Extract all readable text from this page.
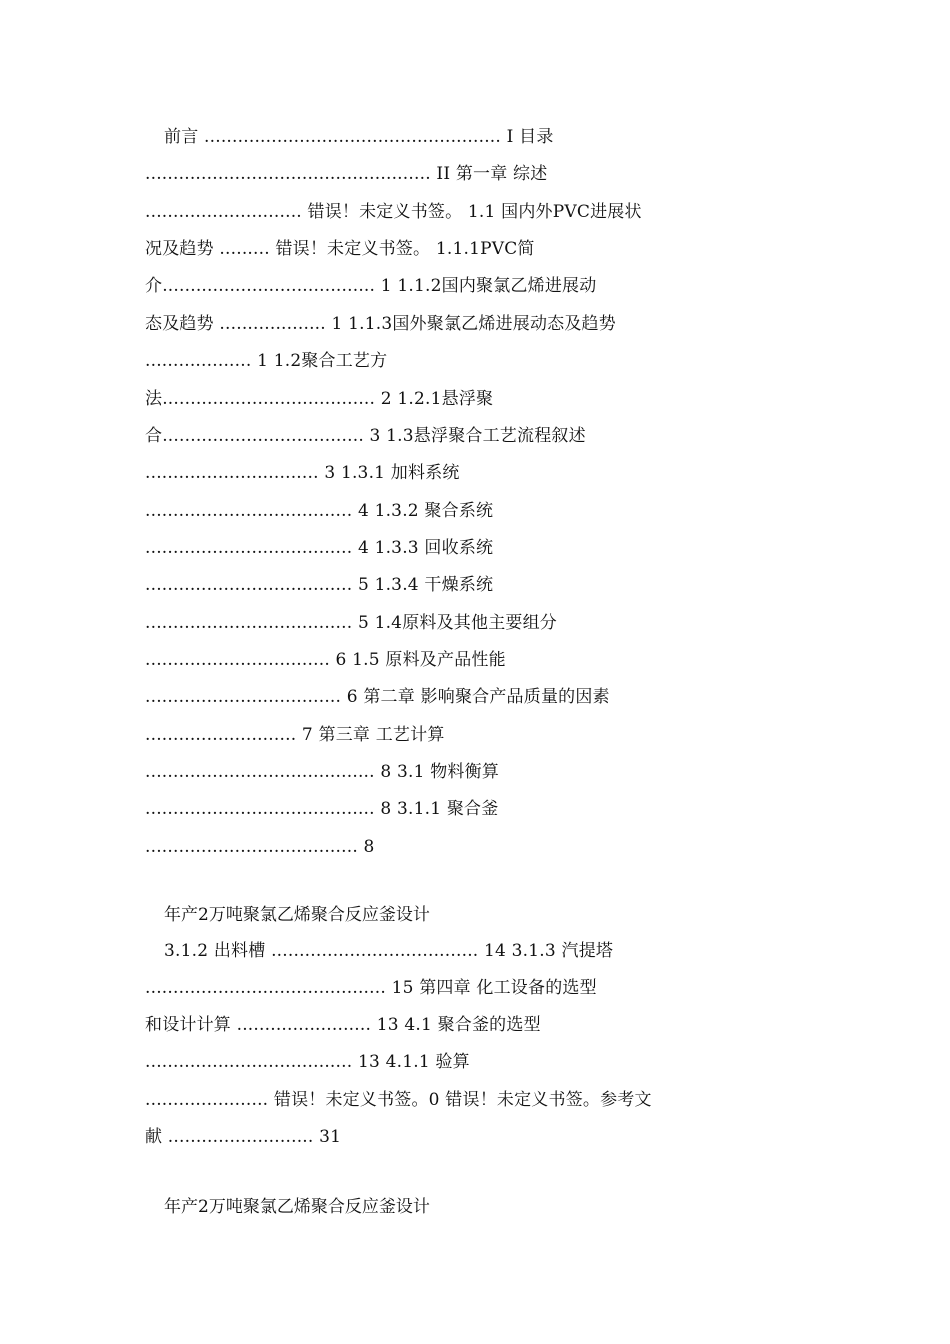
前言 ..................................................... I 目录
................................................... II 第一章 综述
............................ 错误！未定义书签。 1.1 国内外PVC进展状
况及趋势 ......... 错误！未定义书签。 1.1.1PVC简
介...................................... 1 1.1.2国内聚氯乙烯进展动
态及趋势 ................... 1 1.1.3国外聚氯乙烯进展动态及趋势
................... 1 1.2聚合工艺方
法...................................... 2 1.2.1悬浮聚
合.................................... 3 1.3悬浮聚合工艺流程叙述
............................... 3 1.3.1 加料系统
..................................... 4 1.3.2 聚合系统
..................................... 4 1.3.3 回收系统
..................................... 5 1.3.4 干燥系统
..................................... 5 1.4原料及其他主要组分
................................. 6 1.5 原料及产品性能
................................... 6 第二章 影响聚合产品质量的因素
........................... 7 第三章 工艺计算
......................................... 8 3.1 物料衡算
......................................... 8 3.1.1 聚合釜
...................................... 8
年产2万吨聚氯乙烯聚合反应釜设计
3.1.2 出料槽 ..................................... 14 3.1.3 汽提塔
........................................... 15 第四章 化工设备的选型
和设计计算 ........................ 13 4.1 聚合釜的选型
..................................... 13 4.1.1 验算
...................... 错误！未定义书签。0 错误！未定义书签。参考文
献 .......................... 31
年产2万吨聚氯乙烯聚合反应釜设计
